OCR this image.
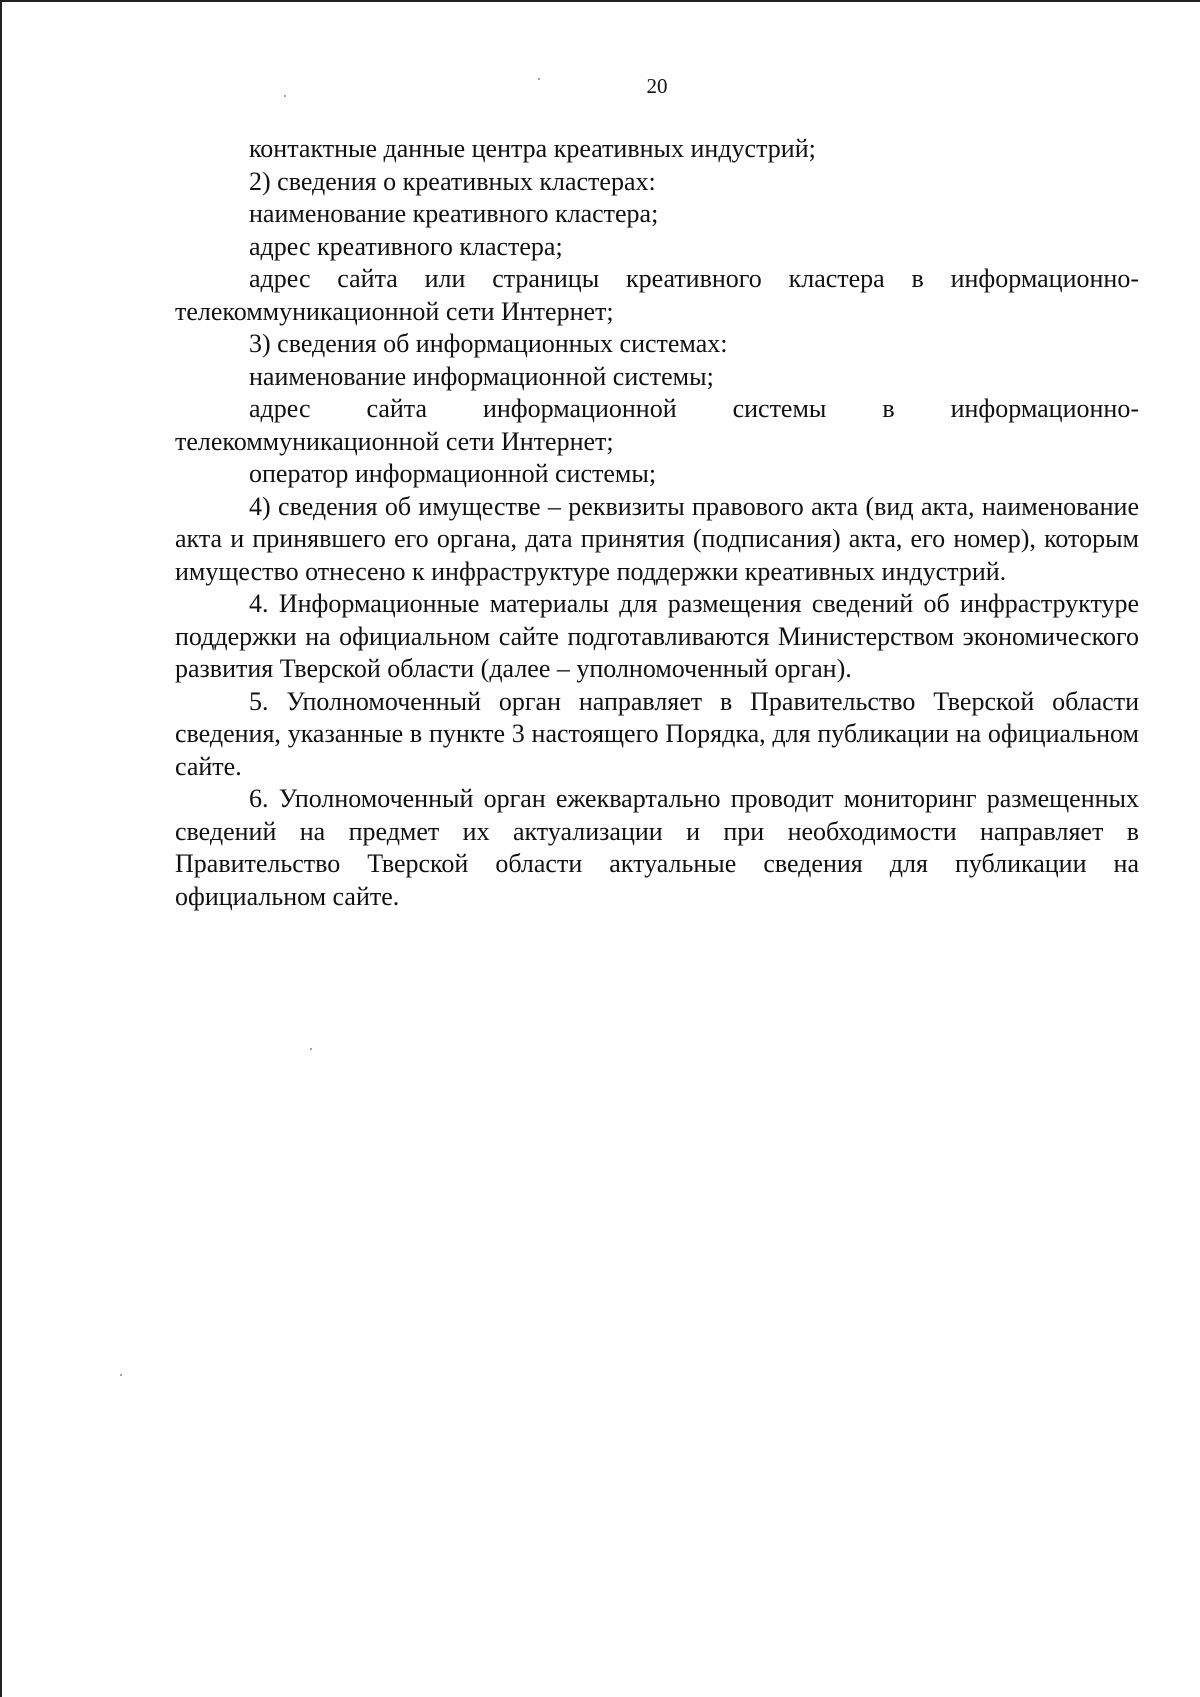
20

контактные данные центра креативных индустрий;

2) сведения о креативных кластерах:

наименование креативного кластера;

адрес креативного кластера;

адрес сайта или страницы креативного кластера в информационно-телекоммуникационной сети Интернет;

3) сведения об информационных системах:

наименование информационной системы;

адрес сайта информационной системы в информационно-телекоммуникационной сети Интернет;

оператор информационной системы;

4) сведения об имуществе – реквизиты правового акта (вид акта, наименование акта и принявшего его органа, дата принятия (подписания) акта, его номер), которым имущество отнесено к инфраструктуре поддержки креативных индустрий.

4. Информационные материалы для размещения сведений об инфраструктуре поддержки на официальном сайте подготавливаются Министерством экономического развития Тверской области (далее – уполномоченный орган).

5. Уполномоченный орган направляет в Правительство Тверской области сведения, указанные в пункте 3 настоящего Порядка, для публикации на официальном сайте.

6. Уполномоченный орган ежеквартально проводит мониторинг размещенных сведений на предмет их актуализации и при необходимости направляет в Правительство Тверской области актуальные сведения для публикации на официальном сайте.
